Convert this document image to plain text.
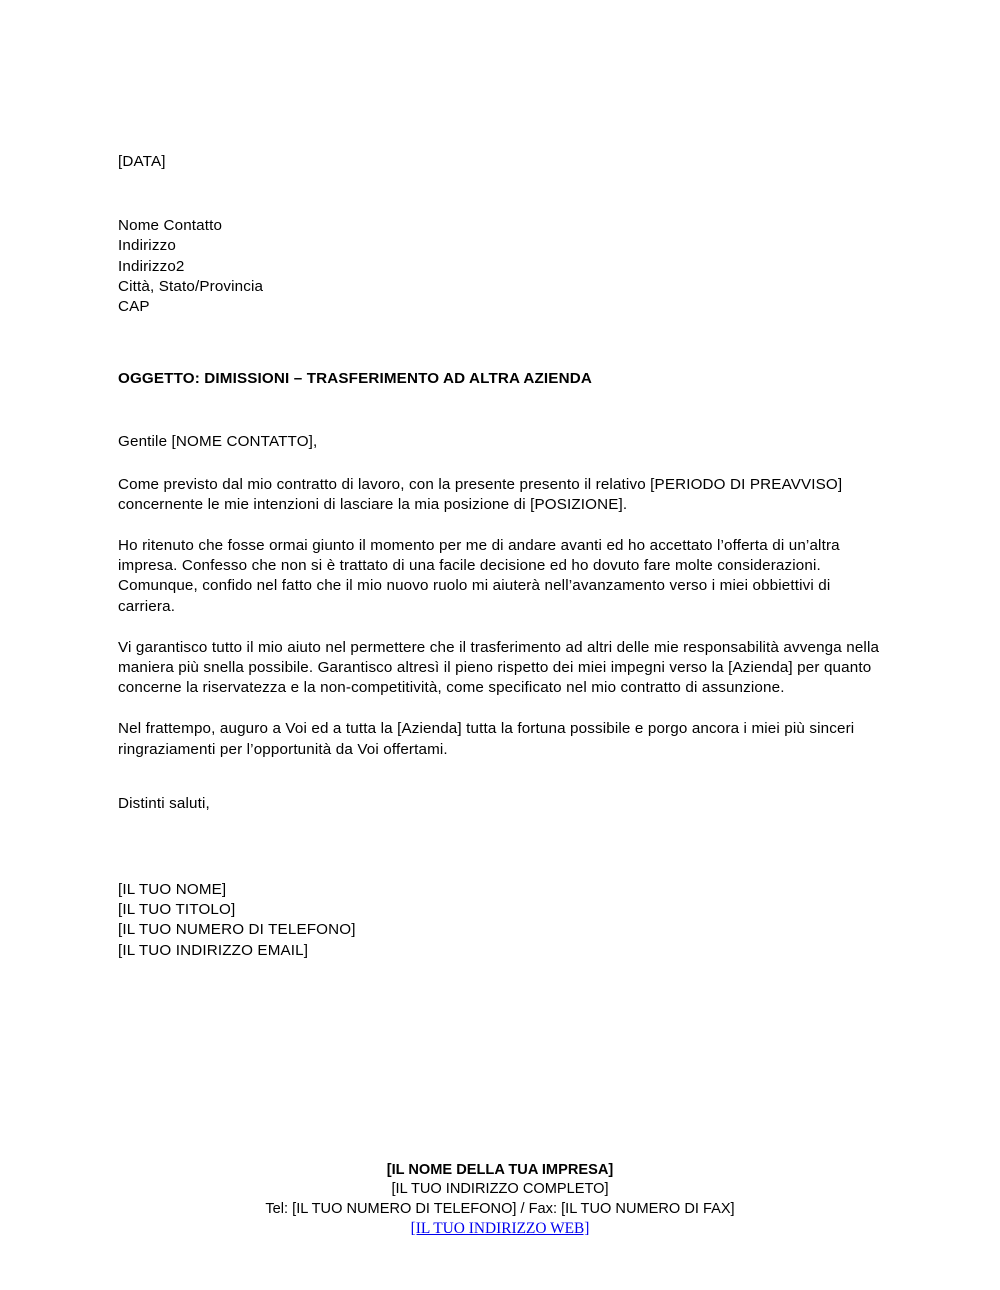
[DATA]
Nome Contatto
Indirizzo
Indirizzo2
Città, Stato/Provincia
CAP
OGGETTO: DIMISSIONI – TRASFERIMENTO AD ALTRA AZIENDA
Gentile [NOME CONTATTO],
Come previsto dal mio contratto di lavoro, con la presente presento il relativo [PERIODO DI PREAVVISO] concernente le mie intenzioni di lasciare la mia posizione di [POSIZIONE].
Ho ritenuto che fosse ormai giunto il momento per me di andare avanti ed ho accettato l’offerta di un’altra impresa. Confesso che non si è trattato di una facile decisione ed ho dovuto fare molte considerazioni. Comunque, confido nel fatto che il mio nuovo ruolo mi aiuterà nell’avanzamento verso i miei obbiettivi di carriera.
Vi garantisco tutto il mio aiuto nel permettere che il trasferimento ad altri delle mie responsabilità avvenga nella maniera più snella possibile. Garantisco altresì il pieno rispetto dei miei impegni verso la [Azienda] per quanto concerne la riservatezza e la non-competitività, come specificato nel mio contratto di assunzione.
Nel frattempo, auguro a Voi ed a tutta la [Azienda] tutta la fortuna possibile e porgo ancora i miei più sinceri ringraziamenti per l’opportunità da Voi offertami.
Distinti saluti,
[IL TUO NOME]
[IL TUO TITOLO]
[IL TUO NUMERO DI TELEFONO]
[IL TUO INDIRIZZO EMAIL]
[IL NOME DELLA TUA IMPRESA]
[IL TUO INDIRIZZO COMPLETO]
Tel: [IL TUO NUMERO DI TELEFONO] / Fax: [IL TUO NUMERO DI FAX]
[IL TUO INDIRIZZO WEB]
